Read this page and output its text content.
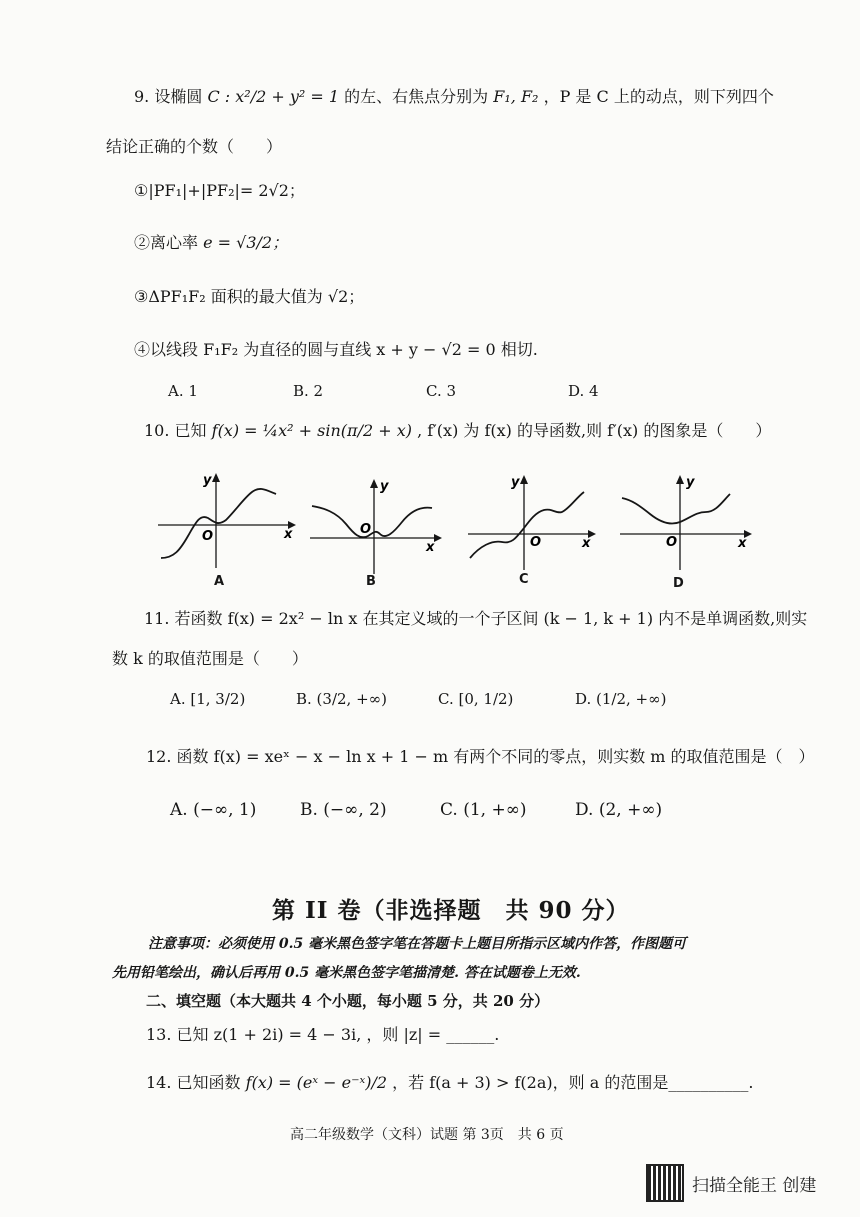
9. 设椭圆 C : x²/2 + y² = 1 的左、右焦点分别为 F₁, F₂ ，P 是 C 上的动点，则下列四个
结论正确的个数（　　）
①|PF₁|+|PF₂|= 2√2；
②离心率 e = √3/2；
③ΔPF₁F₂ 面积的最大值为 √2；
④以线段 F₁F₂ 为直径的圆与直线 x + y − √2 = 0 相切.
A. 1	B. 2	C. 3	D. 4
10. 已知 f(x) = ¼x² + sin(π/2 + x) , f′(x) 为 f(x) 的导函数,则 f′(x) 的图象是（　　）
x
y
O
A
x
y
O
B
x
y
O
C
x
y
O
D
11. 若函数 f(x) = 2x² − ln x 在其定义域的一个子区间 (k − 1, k + 1) 内不是单调函数,则实
数 k 的取值范围是（　　）
A. [1, 3/2)	B. (3/2, +∞)	C. [0, 1/2)	D. (1/2, +∞)
12. 函数 f(x) = xeˣ − x − ln x + 1 − m 有两个不同的零点，则实数 m 的取值范围是（　）
A. (−∞, 1)	B. (−∞, 2)	C. (1, +∞)	D. (2, +∞)
第 II 卷（非选择题　共 90 分）
注意事项：必须使用 0.5 毫米黑色签字笔在答题卡上题目所指示区域内作答，作图题可
先用铅笔绘出，确认后再用 0.5 毫米黑色签字笔描清楚. 答在试题卷上无效.
二、填空题（本大题共 4 个小题，每小题 5 分，共 20 分）
13. 已知 z(1 + 2i) = 4 − 3i, ，则 |z| = ______.
14. 已知函数 f(x) = (eˣ − e⁻ˣ)/2 ，若 f(a + 3) > f(2a)，则 a 的范围是__________.
高二年级数学（文科）试题 第 3页　共 6 页
扫描全能王 创建
